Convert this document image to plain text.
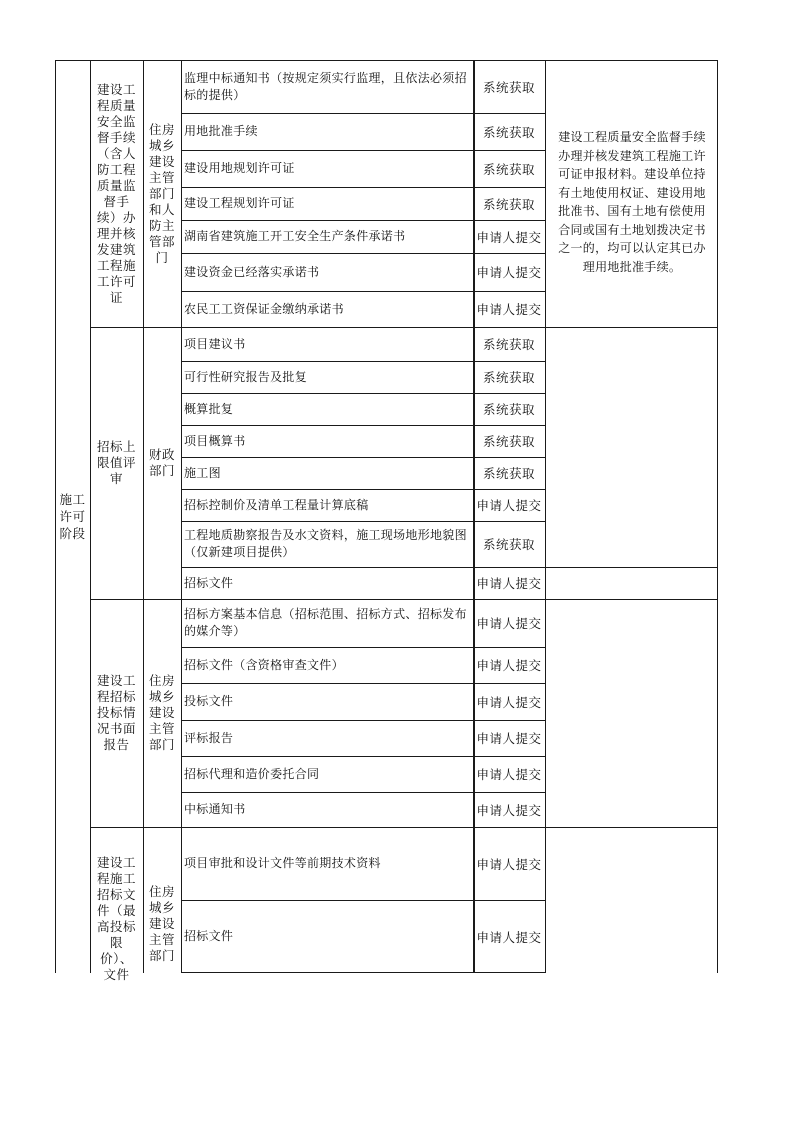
施工许可阶段
建设工程质量安全监督手续（含人防工程质量监督手续）办理并核发建筑工程施工许可证
住房城乡建设主管部门和人防主管部门
建设工程质量安全监督手续办理并核发建筑工程施工许可证申报材料。建设单位持有土地使用权证、建设用地批准书、国有土地有偿使用合同或国有土地划拨决定书之一的，均可以认定其已办理用地批准手续。
监理中标通知书（按规定须实行监理，且依法必须招标的提供）	系统获取
用地批准手续	系统获取
建设用地规划许可证	系统获取
建设工程规划许可证	系统获取
湖南省建筑施工开工安全生产条件承诺书	申请人提交
建设资金已经落实承诺书	申请人提交
农民工工资保证金缴纳承诺书	申请人提交
招标上限值评审
财政部门
项目建议书	系统获取
可行性研究报告及批复	系统获取
概算批复	系统获取
项目概算书	系统获取
施工图	系统获取
招标控制价及清单工程量计算底稿	申请人提交
工程地质勘察报告及水文资料，施工现场地形地貌图（仅新建项目提供）	系统获取
招标文件	申请人提交
建设工程招标投标情况书面报告
住房城乡建设主管部门
招标方案基本信息（招标范围、招标方式、招标发布的媒介等）	申请人提交
招标文件（含资格审查文件）	申请人提交
投标文件	申请人提交
评标报告	申请人提交
招标代理和造价委托合同	申请人提交
中标通知书	申请人提交
建设工程施工招标文件（最高投标限价）、文件
住房城乡建设主管部门
项目审批和设计文件等前期技术资料	申请人提交
招标文件	申请人提交
